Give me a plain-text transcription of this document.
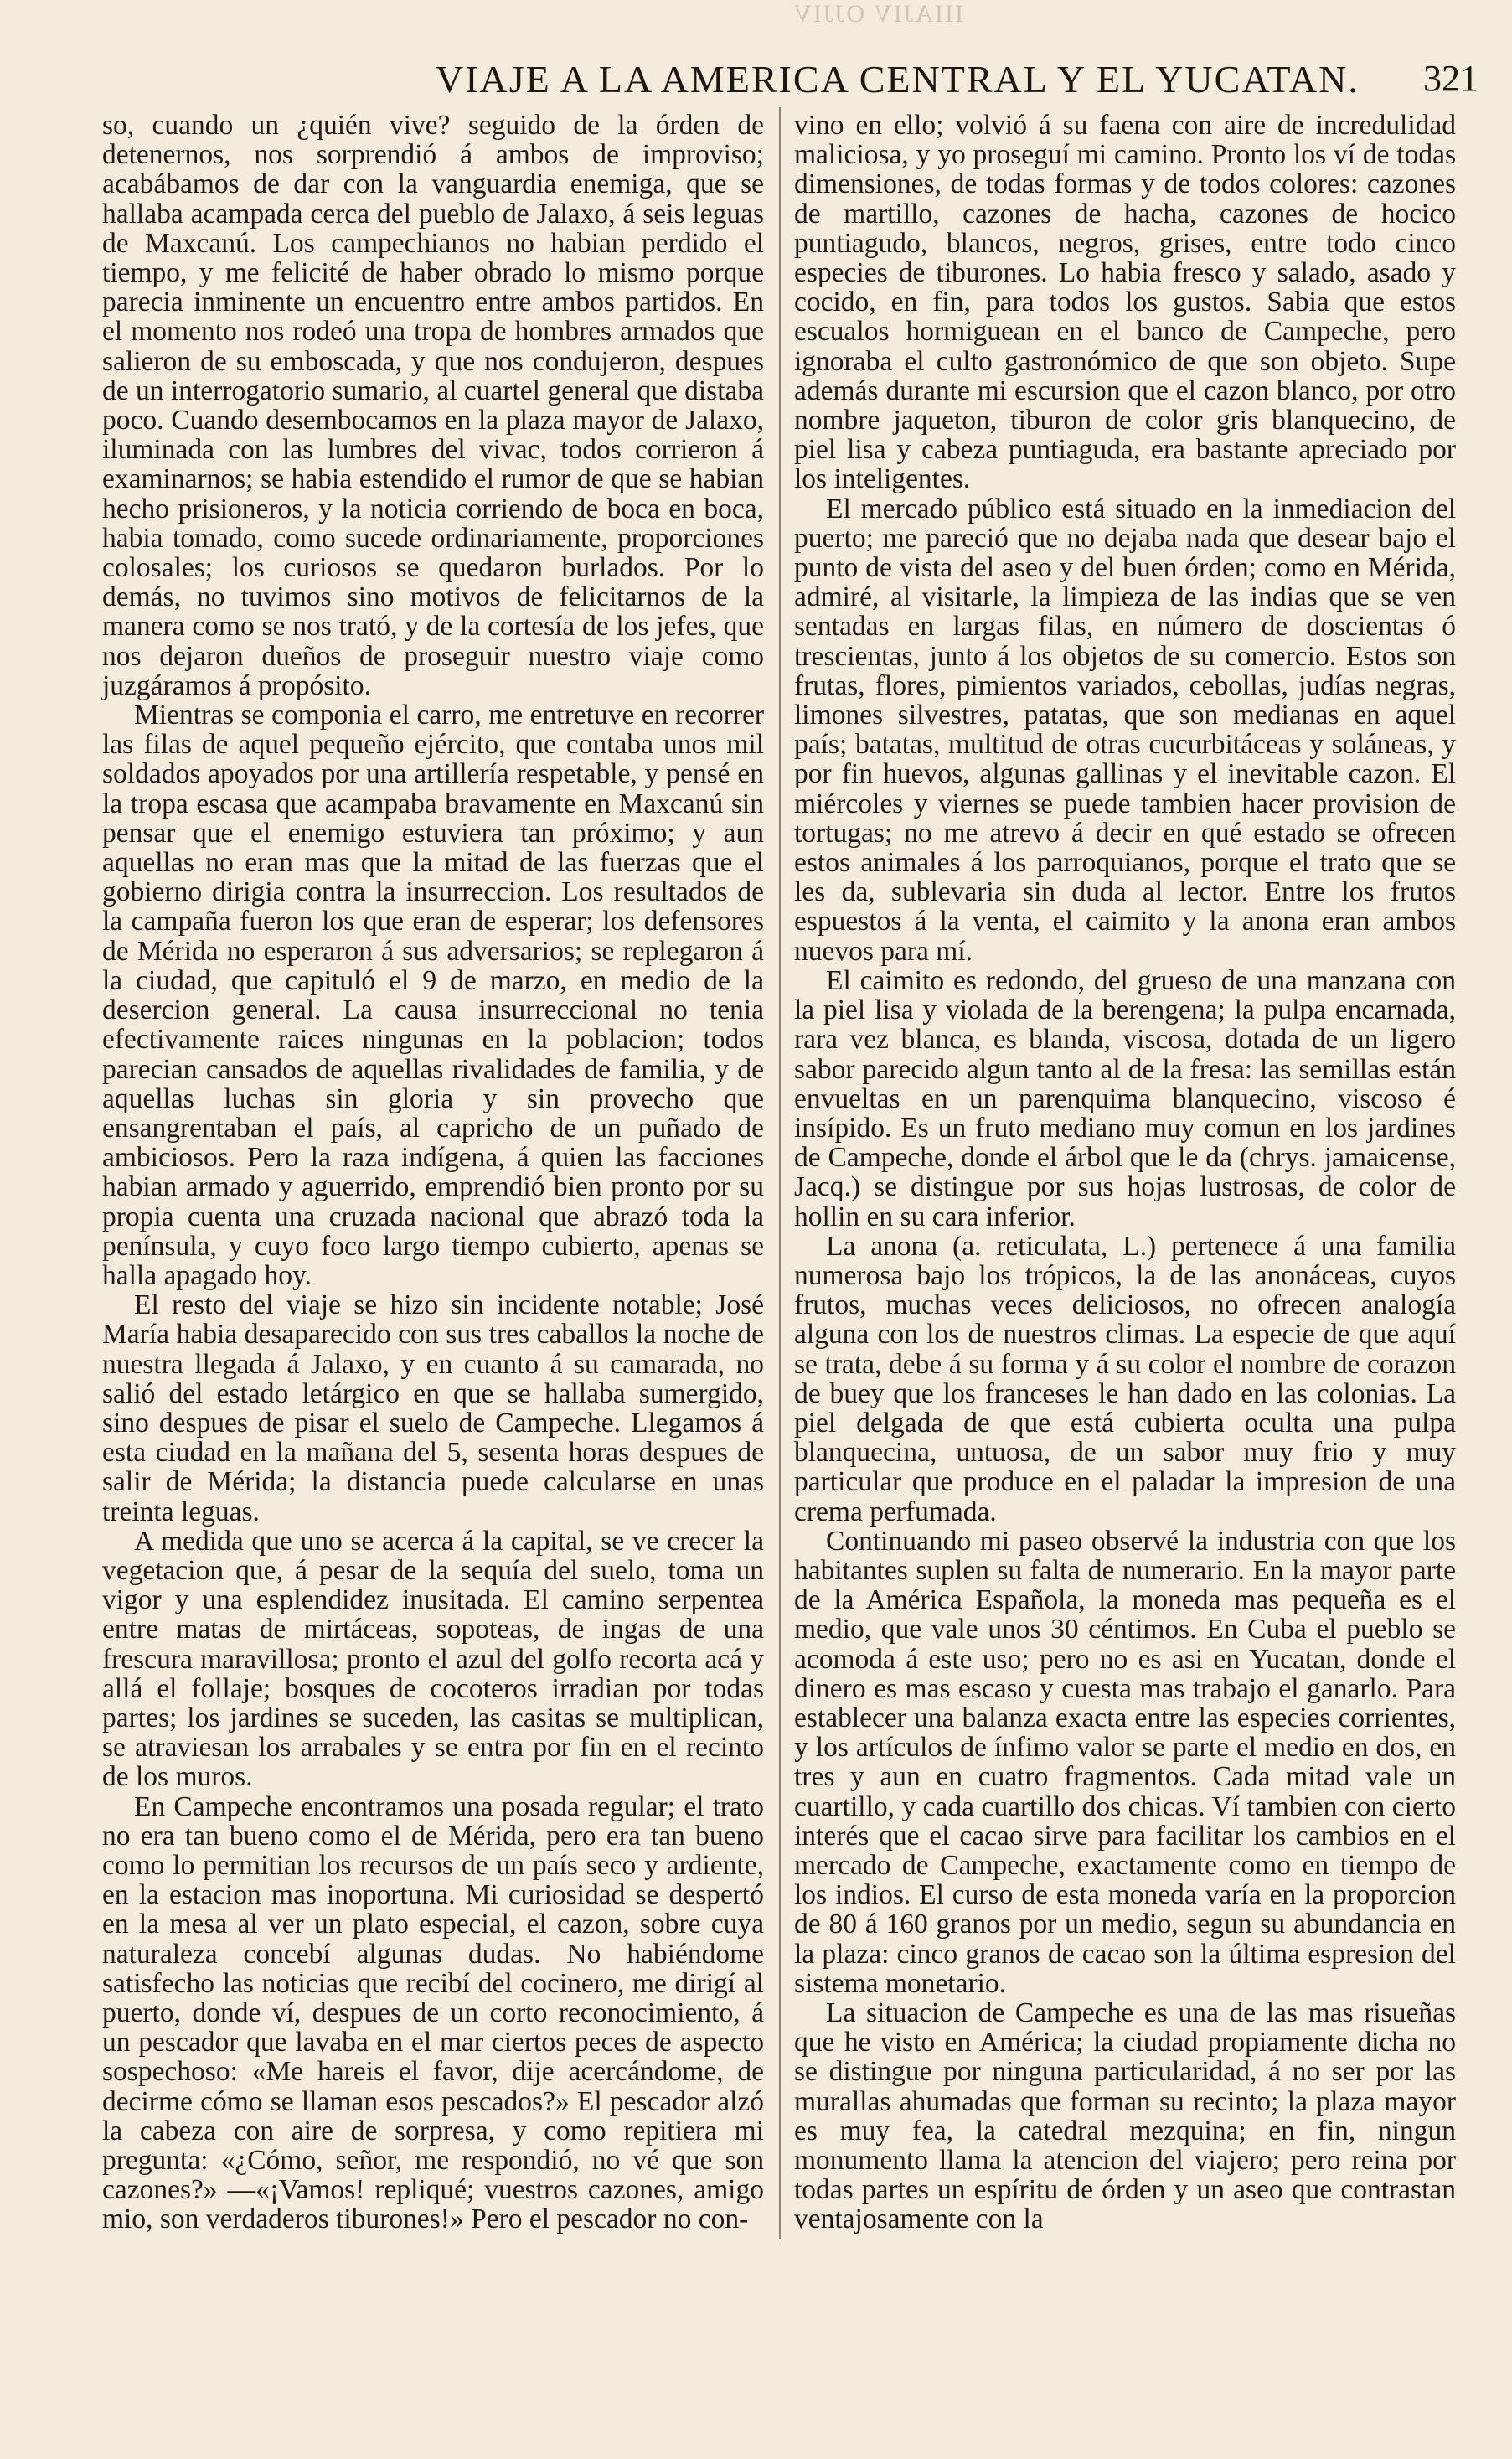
IIIAJIV OJJIV
VIAJE A LA AMERICA CENTRAL Y EL YUCATAN. 321

so, cuando un ¿quién vive? seguido de la órden de detenernos, nos sorprendió á ambos de improviso; acabábamos de dar con la vanguardia enemiga, que se hallaba acampada cerca del pueblo de Jalaxo, á seis leguas de Maxcanú. Los campechianos no habian perdido el tiempo, y me felicité de haber obrado lo mismo porque parecia inminente un encuentro entre ambos partidos. En el momento nos rodeó una tropa de hombres armados que salieron de su emboscada, y que nos condujeron, despues de un interrogatorio sumario, al cuartel general que distaba poco. Cuando desembocamos en la plaza mayor de Jalaxo, iluminada con las lumbres del vivac, todos corrieron á examinarnos; se habia estendido el rumor de que se habian hecho prisioneros, y la noticia corriendo de boca en boca, habia tomado, como sucede ordinariamente, proporciones colosales; los curiosos se quedaron burlados. Por lo demás, no tuvimos sino motivos de felicitarnos de la manera como se nos trató, y de la cortesía de los jefes, que nos dejaron dueños de proseguir nuestro viaje como juzgáramos á propósito.

Mientras se componia el carro, me entretuve en recorrer las filas de aquel pequeño ejército, que contaba unos mil soldados apoyados por una artillería respetable, y pensé en la tropa escasa que acampaba bravamente en Maxcanú sin pensar que el enemigo estuviera tan próximo; y aun aquellas no eran mas que la mitad de las fuerzas que el gobierno dirigia contra la insurreccion. Los resultados de la campaña fueron los que eran de esperar; los defensores de Mérida no esperaron á sus adversarios; se replegaron á la ciudad, que capituló el 9 de marzo, en medio de la desercion general. La causa insurreccional no tenia efectivamente raices ningunas en la poblacion; todos parecian cansados de aquellas rivalidades de familia, y de aquellas luchas sin gloria y sin provecho que ensangrentaban el país, al capricho de un puñado de ambiciosos. Pero la raza indígena, á quien las facciones habian armado y aguerrido, emprendió bien pronto por su propia cuenta una cruzada nacional que abrazó toda la península, y cuyo foco largo tiempo cubierto, apenas se halla apagado hoy.

El resto del viaje se hizo sin incidente notable; José María habia desaparecido con sus tres caballos la noche de nuestra llegada á Jalaxo, y en cuanto á su camarada, no salió del estado letárgico en que se hallaba sumergido, sino despues de pisar el suelo de Campeche. Llegamos á esta ciudad en la mañana del 5, sesenta horas despues de salir de Mérida; la distancia puede calcularse en unas treinta leguas.

A medida que uno se acerca á la capital, se ve crecer la vegetacion que, á pesar de la sequía del suelo, toma un vigor y una esplendidez inusitada. El camino serpentea entre matas de mirtáceas, sopoteas, de ingas de una frescura maravillosa; pronto el azul del golfo recorta acá y allá el follaje; bosques de cocoteros irradian por todas partes; los jardines se suceden, las casitas se multiplican, se atraviesan los arrabales y se entra por fin en el recinto de los muros.

En Campeche encontramos una posada regular; el trato no era tan bueno como el de Mérida, pero era tan bueno como lo permitian los recursos de un país seco y ardiente, en la estacion mas inoportuna. Mi curiosidad se despertó en la mesa al ver un plato especial, el cazon, sobre cuya naturaleza concebí algunas dudas. No habiéndome satisfecho las noticias que recibí del cocinero, me dirigí al puerto, donde ví, despues de un corto reconocimiento, á un pescador que lavaba en el mar ciertos peces de aspecto sospechoso: «Me hareis el favor, dije acercándome, de decirme cómo se llaman esos pescados?» El pescador alzó la cabeza con aire de sorpresa, y como repitiera mi pregunta: «¿Cómo, señor, me respondió, no vé que son cazones?» —«¡Vamos! repliqué; vuestros cazones, amigo mio, son verdaderos tiburones!» Pero el pescador no con-

vino en ello; volvió á su faena con aire de incredulidad maliciosa, y yo proseguí mi camino. Pronto los ví de todas dimensiones, de todas formas y de todos colores: cazones de martillo, cazones de hacha, cazones de hocico puntiagudo, blancos, negros, grises, entre todo cinco especies de tiburones. Lo habia fresco y salado, asado y cocido, en fin, para todos los gustos. Sabia que estos escualos hormiguean en el banco de Campeche, pero ignoraba el culto gastronómico de que son objeto. Supe además durante mi escursion que el cazon blanco, por otro nombre jaqueton, tiburon de color gris blanquecino, de piel lisa y cabeza puntiaguda, era bastante apreciado por los inteligentes.

El mercado público está situado en la inmediacion del puerto; me pareció que no dejaba nada que desear bajo el punto de vista del aseo y del buen órden; como en Mérida, admiré, al visitarle, la limpieza de las indias que se ven sentadas en largas filas, en número de doscientas ó trescientas, junto á los objetos de su comercio. Estos son frutas, flores, pimientos variados, cebollas, judías negras, limones silvestres, patatas, que son medianas en aquel país; batatas, multitud de otras cucurbitáceas y soláneas, y por fin huevos, algunas gallinas y el inevitable cazon. El miércoles y viernes se puede tambien hacer provision de tortugas; no me atrevo á decir en qué estado se ofrecen estos animales á los parroquianos, porque el trato que se les da, sublevaria sin duda al lector. Entre los frutos espuestos á la venta, el caimito y la anona eran ambos nuevos para mí.

El caimito es redondo, del grueso de una manzana con la piel lisa y violada de la berengena; la pulpa encarnada, rara vez blanca, es blanda, viscosa, dotada de un ligero sabor parecido algun tanto al de la fresa: las semillas están envueltas en un parenquima blanquecino, viscoso é insípido. Es un fruto mediano muy comun en los jardines de Campeche, donde el árbol que le da (chrys. jamaicense, Jacq.) se distingue por sus hojas lustrosas, de color de hollin en su cara inferior.

La anona (a. reticulata, L.) pertenece á una familia numerosa bajo los trópicos, la de las anonáceas, cuyos frutos, muchas veces deliciosos, no ofrecen analogía alguna con los de nuestros climas. La especie de que aquí se trata, debe á su forma y á su color el nombre de corazon de buey que los franceses le han dado en las colonias. La piel delgada de que está cubierta oculta una pulpa blanquecina, untuosa, de un sabor muy frio y muy particular que produce en el paladar la impresion de una crema perfumada.

Continuando mi paseo observé la industria con que los habitantes suplen su falta de numerario. En la mayor parte de la América Española, la moneda mas pequeña es el medio, que vale unos 30 céntimos. En Cuba el pueblo se acomoda á este uso; pero no es asi en Yucatan, donde el dinero es mas escaso y cuesta mas trabajo el ganarlo. Para establecer una balanza exacta entre las especies corrientes, y los artículos de ínfimo valor se parte el medio en dos, en tres y aun en cuatro fragmentos. Cada mitad vale un cuartillo, y cada cuartillo dos chicas. Ví tambien con cierto interés que el cacao sirve para facilitar los cambios en el mercado de Campeche, exactamente como en tiempo de los indios. El curso de esta moneda varía en la proporcion de 80 á 160 granos por un medio, segun su abundancia en la plaza: cinco granos de cacao son la última espresion del sistema monetario.

La situacion de Campeche es una de las mas risueñas que he visto en América; la ciudad propiamente dicha no se distingue por ninguna particularidad, á no ser por las murallas ahumadas que forman su recinto; la plaza mayor es muy fea, la catedral mezquina; en fin, ningun monumento llama la atencion del viajero; pero reina por todas partes un espíritu de órden y un aseo que contrastan ventajosamente con la
